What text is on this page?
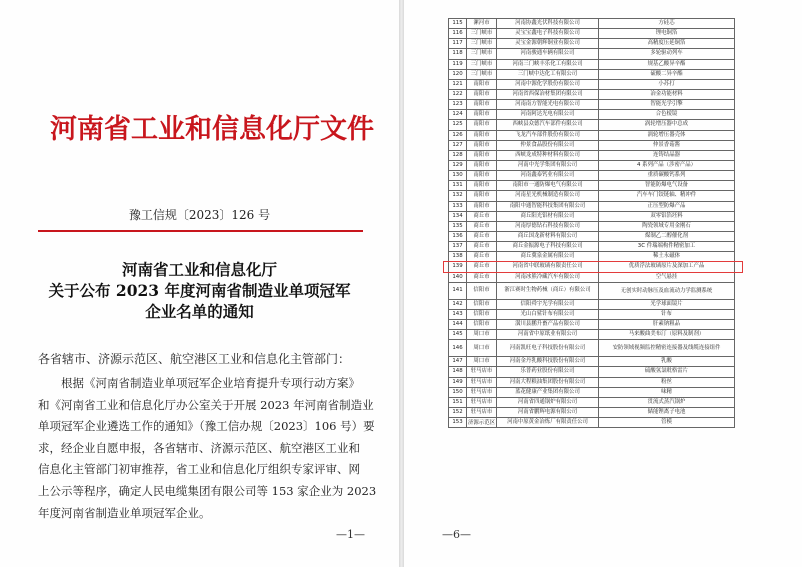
河南省工业和信息化厅文件
豫工信规〔2023〕126 号
河南省工业和信息化厅
关于公布 2023 年度河南省制造业单项冠军
企业名单的通知
各省辖市、济源示范区、航空港区工业和信息化主管部门：
根据《河南省制造业单项冠军企业培育提升专项行动方案》
和《河南省工业和信息化厅办公室关于开展 2023 年河南省制造业
单项冠军企业遴选工作的通知》（豫工信办规〔2023〕106 号）要
求，经企业自愿申报，各省辖市、济源示范区、航空港区工业和
信息化主管部门初审推荐，省工业和信息化厅组织专家评审、网
上公示等程序，确定人民电缆集团有限公司等 153 家企业为 2023
年度河南省制造业单项冠军企业。
—1—
115	漯河市	河南协鑫光伏科技有限公司	方硅芯
116	三门峡市	灵宝宝鑫电子科技有限公司	锂电铜箔
117	三门峡市	灵宝金源朝辉铜业有限公司	高精度压延铜箔
118	三门峡市	河南骏通车辆有限公司	多轮驱动列车
119	三门峡市	河南三门峡丰乐化工有限公司	规基乙酸异辛酯
120	三门峡市	三门峡中达化工有限公司	硫酸二异辛酯
121	南阳市	河南中源化学股份有限公司	小苏打
122	南阳市	河南省西保冶材集团有限公司	冶金功能材料
123	南阳市	河南南方智能光电有限公司	智能光学引擎
124	南阳市	河南阿达光电有限公司	合色棱镜
125	南阳市	西峡县众德汽车部件有限公司	涡轮增压器中总成
126	南阳市	飞龙汽车部件股份有限公司	涡轮增压器壳体
127	南阳市	仲景食品股份有限公司	仲景香菇酱
128	南阳市	西峡龙成特种材料有限公司	连铸结晶器
129	南阳市	河南中光学集团有限公司	4 系列产品（涉密产品）
130	南阳市	河南鑫泰钙业有限公司	重质碳酸钙系列
131	南阳市	南阳市一通防爆电气有限公司	智能防爆电气设备
132	南阳市	河南星光机械制造有限公司	汽车车门铰链轴、精冲件
133	南阳市	南阳中通智能科技集团有限公司	正压型防爆产品
134	商丘市	商丘阳光铝材有限公司	双零铝箔坯料
135	商丘市	河南厚德钻石科技有限公司	陶瓷领域专用金刚石
136	商丘市	商丘国龙新材料有限公司	煤制乙二醇催化剂
137	商丘市	商丘金振源电子科技有限公司	3C 件瑞端构件精密加工
138	商丘市	商丘冀泉金属有限公司	稀土永磁体
139	商丘市	河南省中联玻璃有限责任公司	优质浮法玻璃原片及深加工产品
140	商丘市	河南冰熊冷藏汽车有限公司	空气悬挂
141	信阳市	浙江赛时生物药械（商丘）有限公司	无创实时动脉压及血流动力学监测系统
142	信阳市	信阳舜宇光学有限公司	光学球面镜片
143	信阳市	光山白鲨针布有限公司	针布
144	信阳市	潢川县鹏升畜产品有限公司	肝素钠粗品
145	周口市	河南省中原纸业有限公司	马来酸曲美布汀（原料及制剂）
146	周口市	河南凯旺电子科技股份有限公司	安防领域视频监控精密连接器及线缆连接组件
147	周口市	河南金丹乳酸科技股份有限公司	乳酸
148	驻马店市	乐普药业股份有限公司	硫酸氢氯吡格雷片
149	驻马店市	河南大程粮油集团股份有限公司	粉丝
150	驻马店市	蓝花健康产业集团有限公司	味精
151	驻马店市	河南省四通锅炉有限公司	贯流式蒸汽锅炉
152	驻马店市	河南省鹏辉电源有限公司	储能锂离子电池
153	济源示范区	河南中原黄金冶炼厂有限责任公司	管模
—6—
